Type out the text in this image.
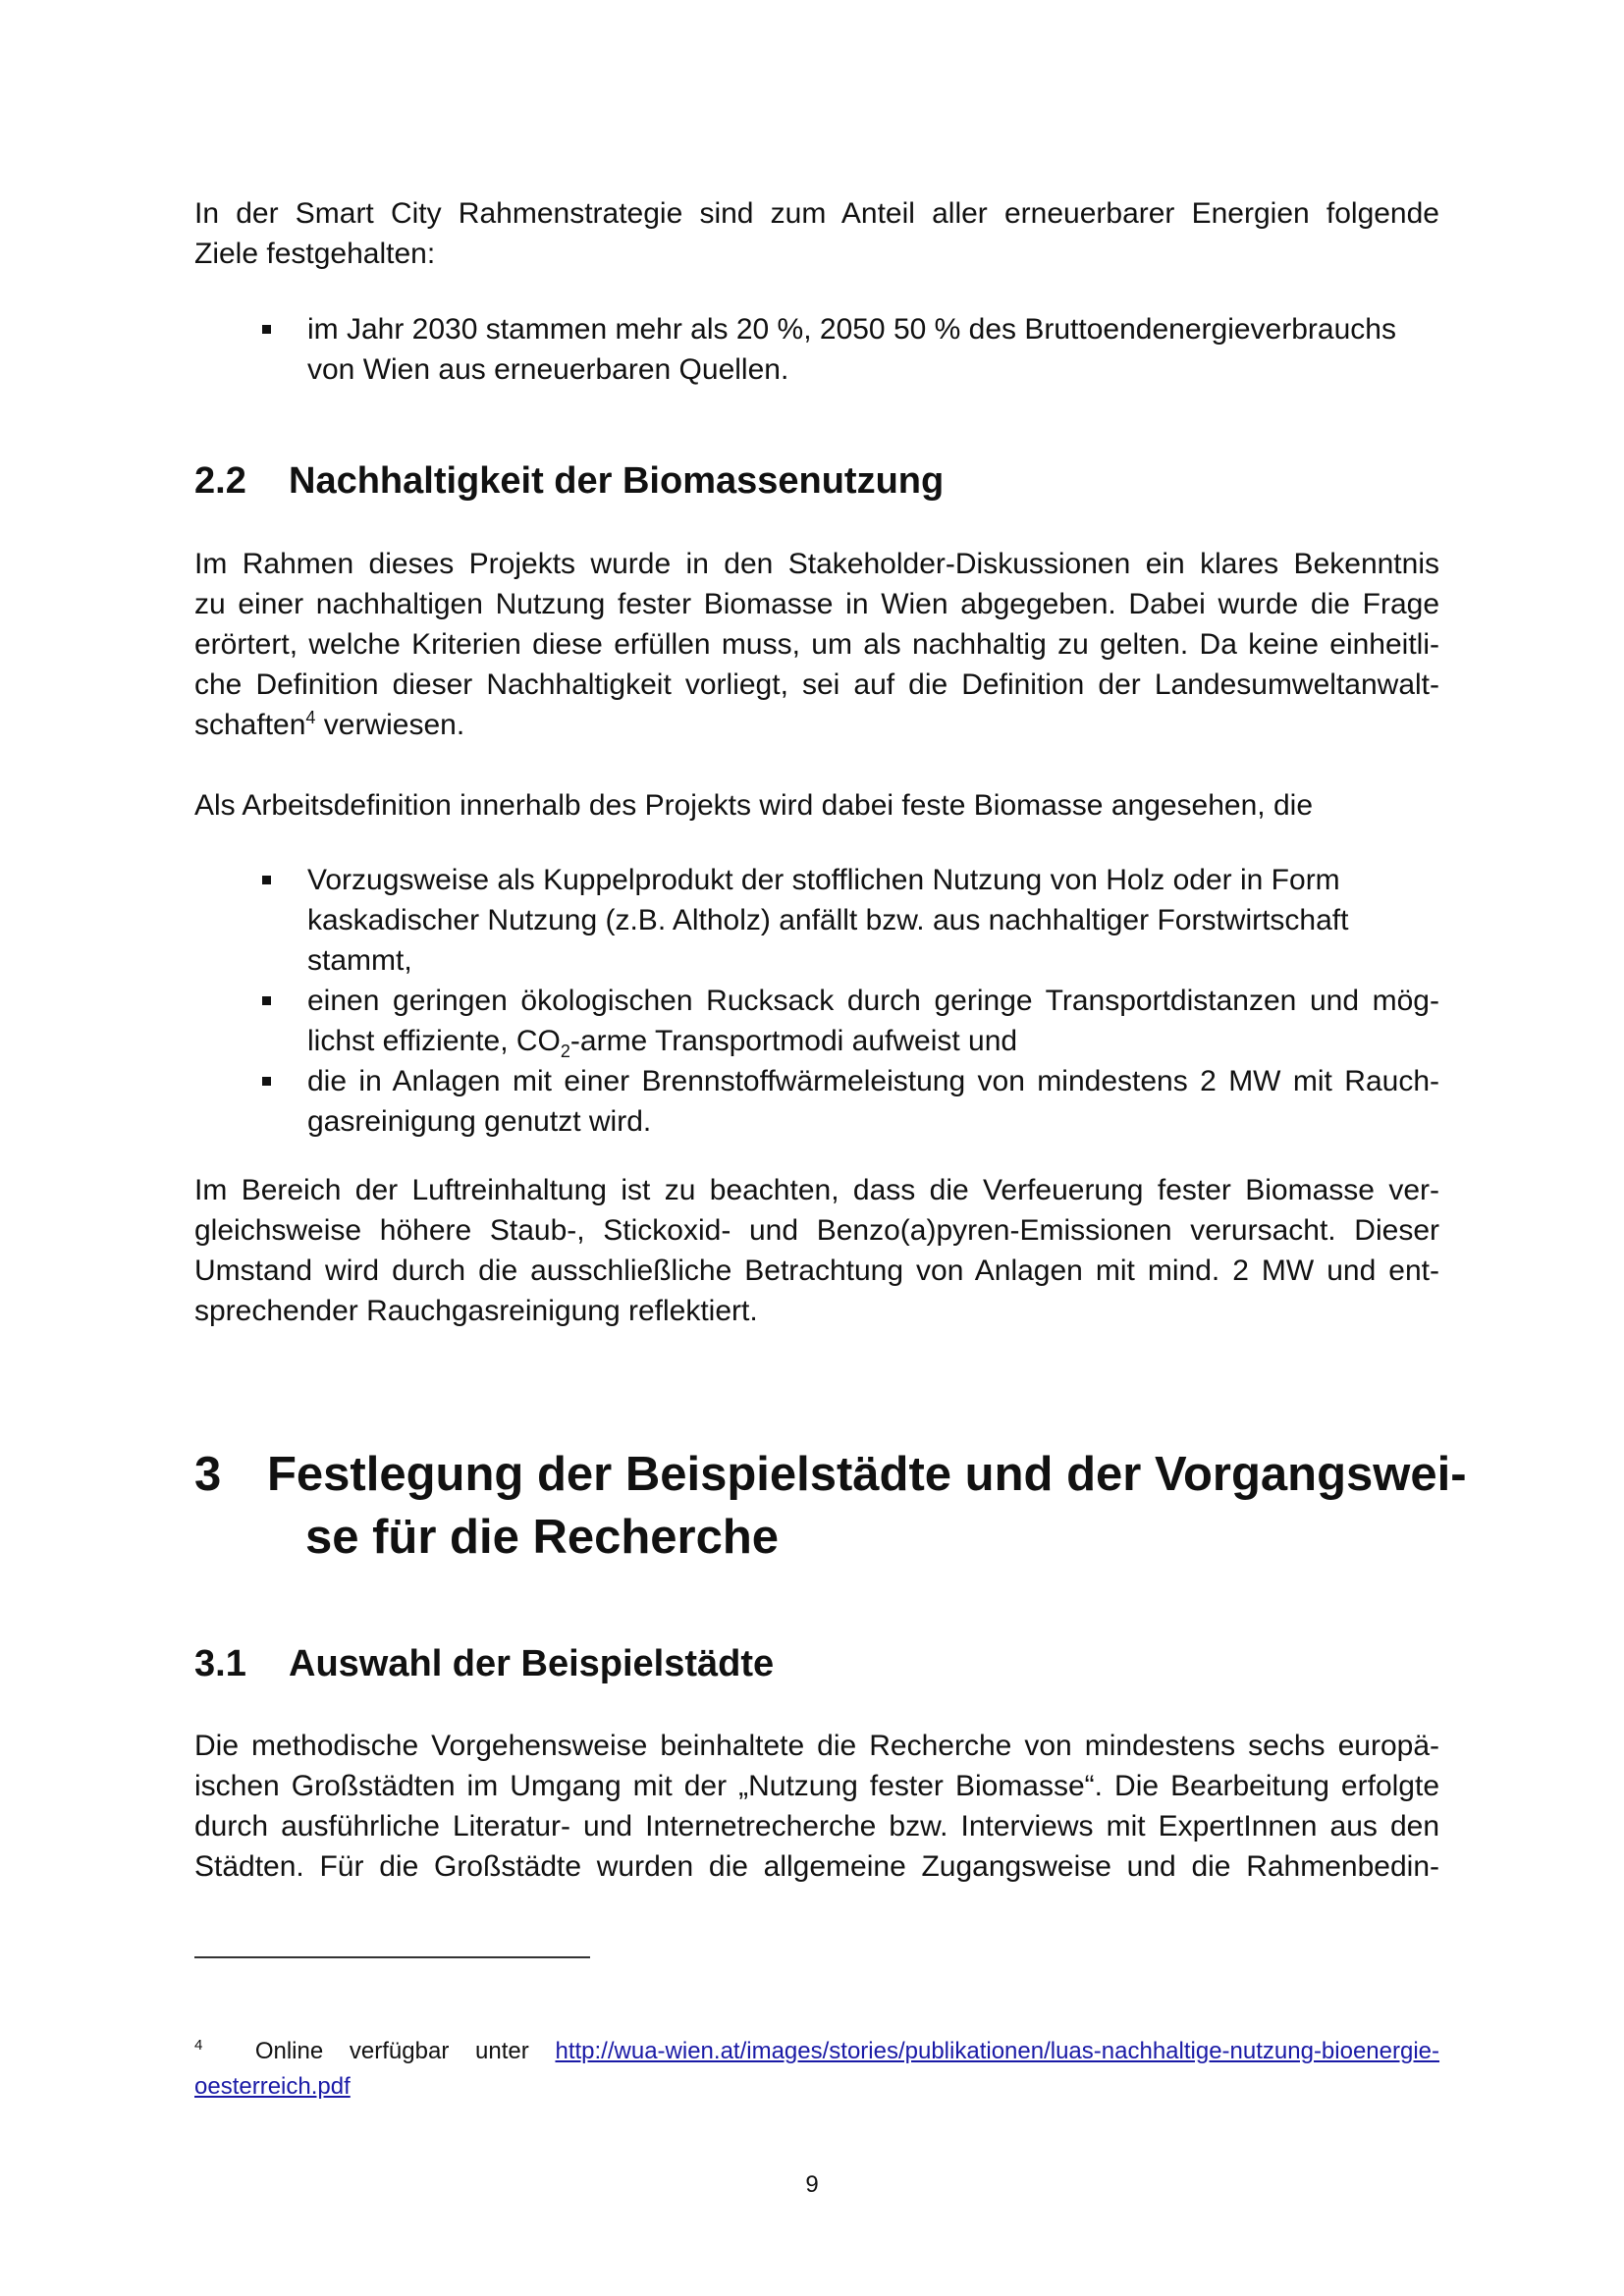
In der Smart City Rahmenstrategie sind zum Anteil aller erneuerbarer Energien folgende
Ziele festgehalten:
im Jahr 2030 stammen mehr als 20 %, 2050 50 % des Bruttoendenergieverbrauchs
von Wien aus erneuerbaren Quellen.
2.2 Nachhaltigkeit der Biomassenutzung
Im Rahmen dieses Projekts wurde in den Stakeholder-Diskussionen ein klares Bekenntnis
zu einer nachhaltigen Nutzung fester Biomasse in Wien abgegeben. Dabei wurde die Frage
erörtert, welche Kriterien diese erfüllen muss, um als nachhaltig zu gelten. Da keine einheitli-
che Definition dieser Nachhaltigkeit vorliegt, sei auf die Definition der Landesumweltanwalt-
schaften$^4$ verwiesen.
Als Arbeitsdefinition innerhalb des Projekts wird dabei feste Biomasse angesehen, die
Vorzugsweise als Kuppelprodukt der stofflichen Nutzung von Holz oder in Form kaskadischer Nutzung (z.B. Altholz) anfällt bzw. aus nachhaltiger Forstwirtschaft stammt,
einen geringen ökologischen Rucksack durch geringe Transportdistanzen und mög-
lichst effiziente, $CO_2$-arme Transportmodi aufweist und
die in Anlagen mit einer Brennstoffwärmeleistung von mindestens 2 MW mit Rauch-
gasreinigung genutzt wird.
Im Bereich der Luftreinhaltung ist zu beachten, dass die Verfeuerung fester Biomasse ver-
gleichsweise höhere Staub-, Stickoxid- und Benzo(a)pyren-Emissionen verursacht. Dieser
Umstand wird durch die ausschließliche Betrachtung von Anlagen mit mind. 2 MW und ent-
sprechender Rauchgasreinigung reflektiert.
3 Festlegung der Beispielstädte und der Vorgangswei-
se für die Recherche
3.1 Auswahl der Beispielstädte
Die methodische Vorgehensweise beinhaltete die Recherche von mindestens sechs europä-
ischen Großstädten im Umgang mit der „Nutzung fester Biomasse“. Die Bearbeitung erfolgte
durch ausführliche Literatur- und Internetrecherche bzw. Interviews mit ExpertInnen aus den
Städten. Für die Großstädte wurden die allgemeine Zugangsweise und die Rahmenbedin-
$^4$ Online verfügbar unter http://wua-wien.at/images/stories/publikationen/luas-nachhaltige-nutzung-bioenergie-
oesterreich.pdf
9
